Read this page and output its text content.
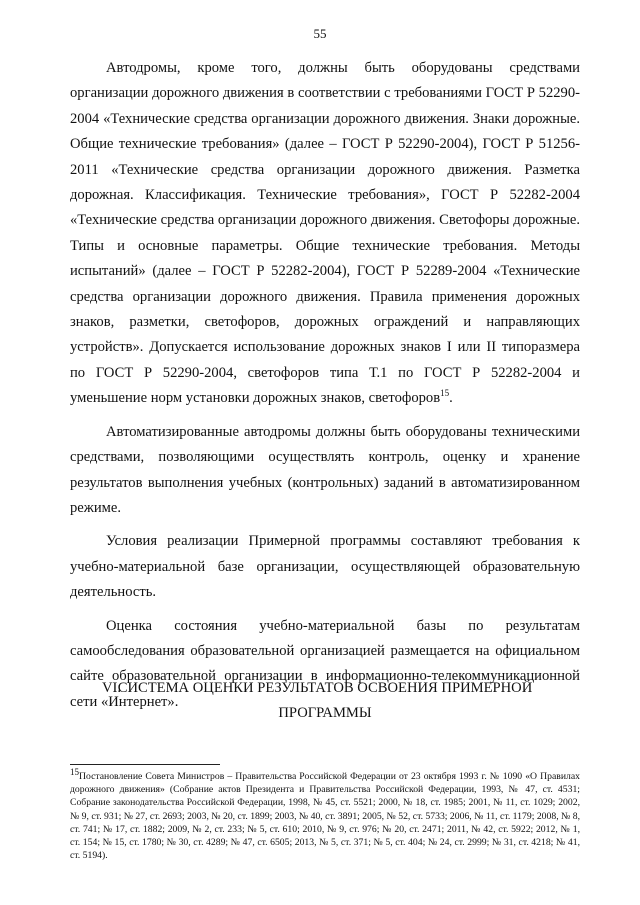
55

Автодромы, кроме того, должны быть оборудованы средствами организации дорожного движения в соответствии с требованиями ГОСТ Р 52290-2004 «Технические средства организации дорожного движения. Знаки дорожные. Общие технические требования» (далее – ГОСТ Р 52290-2004), ГОСТ Р 51256-2011 «Технические средства организации дорожного движения. Разметка дорожная. Классификация. Технические требования», ГОСТ Р 52282-2004 «Технические средства организации дорожного движения. Светофоры дорожные. Типы и основные параметры. Общие технические требования. Методы испытаний» (далее – ГОСТ Р 52282-2004), ГОСТ Р 52289-2004 «Технические средства организации дорожного движения. Правила применения дорожных знаков, разметки, светофоров, дорожных ограждений и направляющих устройств». Допускается использование дорожных знаков I или II типоразмера по ГОСТ Р 52290-2004, светофоров типа Т.1 по ГОСТ Р 52282-2004 и уменьшение норм установки дорожных знаков, светофоров$^{15}$.

Автоматизированные автодромы должны быть оборудованы техническими средствами, позволяющими осуществлять контроль, оценку и хранение результатов выполнения учебных (контрольных) заданий в автоматизированном режиме.

Условия реализации Примерной программы составляют требования к учебно-материальной базе организации, осуществляющей образовательную деятельность.

Оценка состояния учебно-материальной базы по результатам самообследования образовательной организацией размещается на официальном сайте образовательной организации в информационно-телекоммуникационной сети «Интернет».

VI.
СИСТЕМА ОЦЕНКИ РЕЗУЛЬТАТОВ ОСВОЕНИЯ ПРИМЕРНОЙ
ПРОГРАММЫ
$^{15}$Постановление Совета Министров – Правительства Российской Федерации от 23 октября 1993 г. № 1090 «О Правилах дорожного движения» (Собрание актов Президента и Правительства Российской Федерации, 1993, № 47, ст. 4531; Собрание законодательства Российской Федерации, 1998, № 45, ст. 5521; 2000, № 18, ст. 1985; 2001, № 11, ст. 1029; 2002, № 9, ст. 931; № 27, ст. 2693; 2003, № 20, ст. 1899; 2003, № 40, ст. 3891; 2005, № 52, ст. 5733; 2006, № 11, ст. 1179; 2008, № 8, ст. 741; № 17, ст. 1882; 2009, № 2, ст. 233; № 5, ст. 610; 2010, № 9, ст. 976; № 20, ст. 2471; 2011, № 42, ст. 5922; 2012, № 1, ст. 154; № 15, ст. 1780; № 30, ст. 4289; № 47, ст. 6505; 2013, № 5, ст. 371; № 5, ст. 404; № 24, ст. 2999; № 31, ст. 4218; № 41, ст. 5194).
